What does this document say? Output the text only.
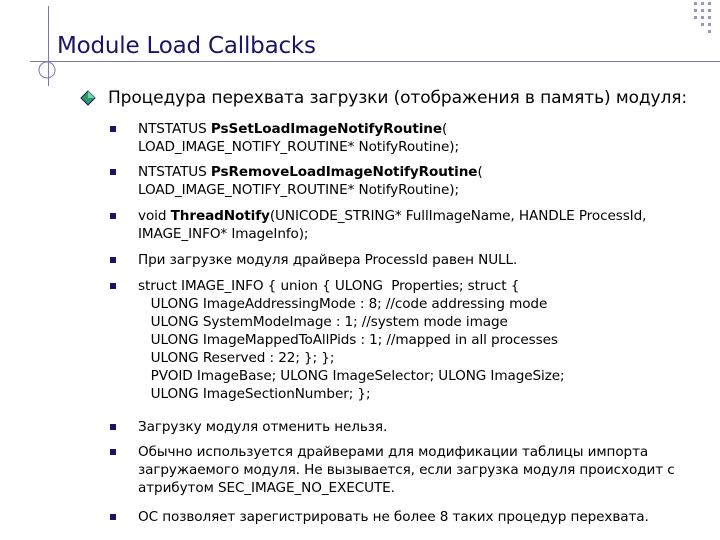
Module Load Callbacks
Процедура перехвата загрузки (отображения в память) модуля:
NTSTATUS PsSetLoadImageNotifyRoutine(
LOAD_IMAGE_NOTIFY_ROUTINE* NotifyRoutine);
NTSTATUS PsRemoveLoadImageNotifyRoutine(
LOAD_IMAGE_NOTIFY_ROUTINE* NotifyRoutine);
void ThreadNotify(UNICODE_STRING* FullImageName, HANDLE ProcessId,
IMAGE_INFO* ImageInfo);
При загрузке модуля драйвера ProcessId равен NULL.
struct IMAGE_INFO { union { ULONG  Properties; struct {
ULONG ImageAddressingMode : 8; //code addressing mode
ULONG SystemModeImage : 1; //system mode image
ULONG ImageMappedToAllPids : 1; //mapped in all processes
ULONG Reserved : 22; }; };
PVOID ImageBase; ULONG ImageSelector; ULONG ImageSize;
ULONG ImageSectionNumber; };
Загрузку модуля отменить нельзя.
Обычно используется драйверами для модификации таблицы импорта загружаемого модуля. Не вызывается, если загрузка модуля происходит с атрибутом SEC_IMAGE_NO_EXECUTE.
ОС позволяет зарегистрировать не более 8 таких процедур перехвата.
